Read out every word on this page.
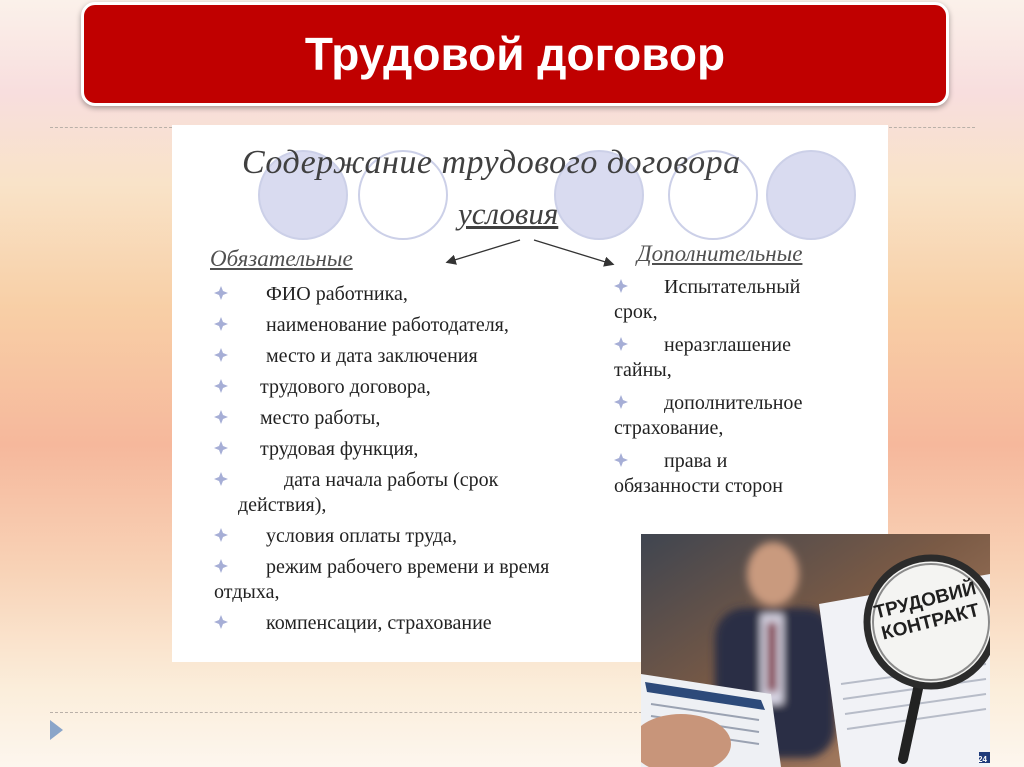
Трудовой договор
Содержание трудового договора
условия
Обязательные	Дополнительные
ФИО работника,
наименование работодателя,
место и дата заключения
трудового договора,
место работы,
трудовая функция,
дата начала работы (срок действия),
условия оплаты труда,
режим рабочего времени и время отдыха,
компенсации, страхование
Испытательный срок,
неразглашение тайны,
дополнительное страхование,
права и обязанности сторон
ТРУДОВИЙ КОНТРАКТ
24
